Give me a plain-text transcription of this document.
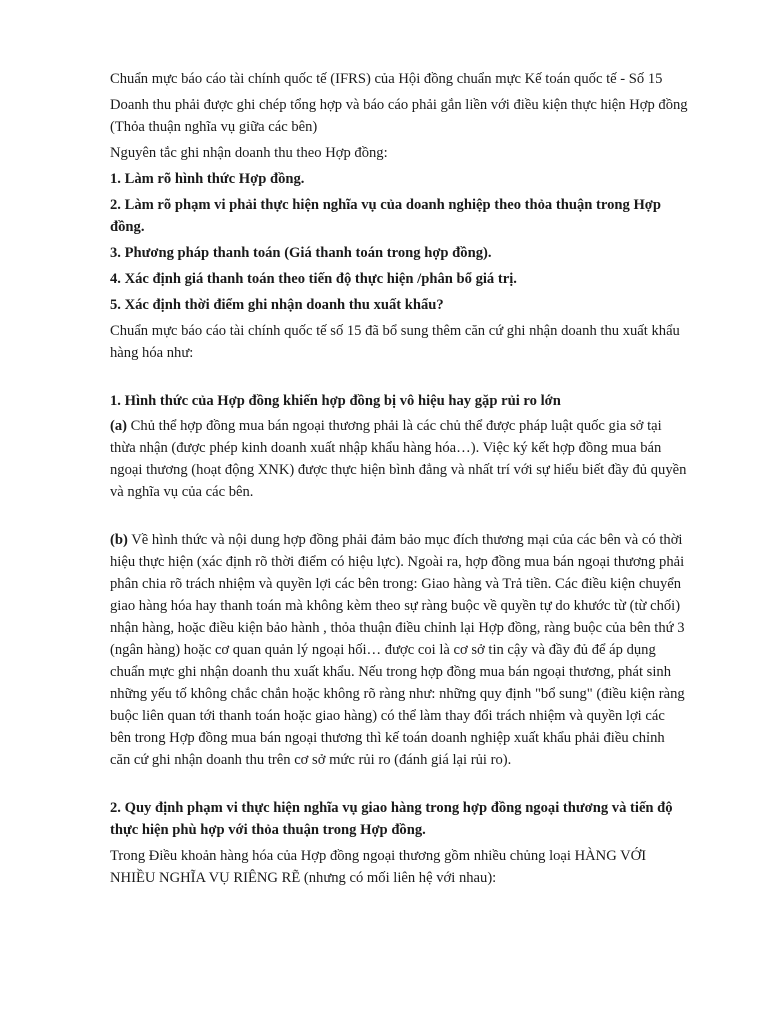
Chuẩn mực báo cáo tài chính quốc tế (IFRS) của Hội đồng chuẩn mực Kế toán quốc tế - Số 15

Doanh thu phải được ghi chép tổng hợp và báo cáo phải gắn liền với điều kiện thực hiện Hợp đồng (Thỏa thuận nghĩa vụ giữa các bên)

Nguyên tắc ghi nhận doanh thu theo Hợp đồng:

1. Làm rõ hình thức Hợp đồng.

2. Làm rõ phạm vi phải thực hiện nghĩa vụ của doanh nghiệp theo thỏa thuận trong Hợp đồng.

3. Phương pháp thanh toán (Giá thanh toán trong hợp đồng).

4. Xác định giá thanh toán theo tiến độ thực hiện /phân bổ giá trị.

5. Xác định thời điểm ghi nhận doanh thu xuất khẩu?

Chuẩn mực báo cáo tài chính quốc tế số 15 đã bổ sung thêm căn cứ ghi nhận doanh thu xuất khẩu hàng hóa như:

1. Hình thức của Hợp đồng khiến hợp đồng bị vô hiệu hay gặp rủi ro lớn

(a) Chủ thể hợp đồng mua bán ngoại thương phải là các chủ thể được pháp luật quốc gia sở tại thừa nhận (được phép kinh doanh xuất nhập khẩu hàng hóa…). Việc ký kết hợp đồng mua bán ngoại thương (hoạt động XNK) được thực hiện bình đẳng và nhất trí với sự hiểu biết đầy đủ quyền và nghĩa vụ của các bên.

(b) Về hình thức và nội dung hợp đồng phải đảm bảo mục đích thương mại của các bên và có thời hiệu thực hiện (xác định rõ thời điểm có hiệu lực). Ngoài ra, hợp đồng mua bán ngoại thương phải phân chia rõ trách nhiệm và quyền lợi các bên trong: Giao hàng và Trả tiền. Các điều kiện chuyển giao hàng hóa hay thanh toán mà không kèm theo sự ràng buộc về quyền tự do khước từ (từ chối) nhận hàng, hoặc điều kiện bảo hành , thỏa thuận điều chỉnh lại Hợp đồng, ràng buộc của bên thứ 3 (ngân hàng) hoặc cơ quan quản lý ngoại hối… được coi là cơ sở tin cậy và đầy đủ để áp dụng chuẩn mực ghi nhận doanh thu xuất khẩu. Nếu trong hợp đồng mua bán ngoại thương, phát sinh những yếu tố không chắc chắn hoặc không rõ ràng như: những quy định "bổ sung" (điều kiện ràng buộc liên quan tới thanh toán hoặc giao hàng) có thể làm thay đổi trách nhiệm và quyền lợi các bên trong Hợp đồng mua bán ngoại thương thì kế toán doanh nghiệp xuất khẩu phải điều chỉnh căn cứ ghi nhận doanh thu trên cơ sở mức rủi ro (đánh giá lại rủi ro).

2. Quy định phạm vi thực hiện nghĩa vụ giao hàng trong hợp đồng ngoại thương và tiến độ thực hiện phù hợp với thỏa thuận trong Hợp đồng.

Trong Điều khoản hàng hóa của Hợp đồng ngoại thương gồm nhiều chủng loại HÀNG VỚI NHIỀU NGHĨA VỤ RIÊNG RẼ (nhưng có mối liên hệ với nhau):
